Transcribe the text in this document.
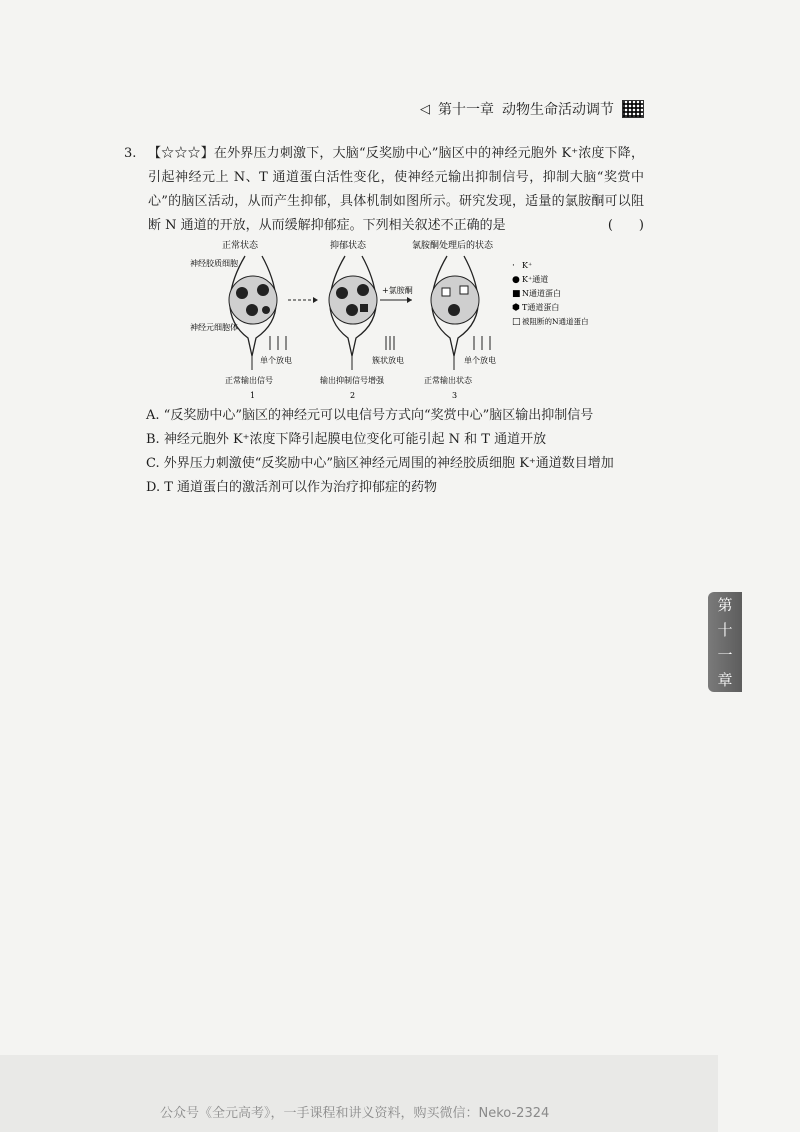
◁ 第十一章 动物生命活动调节
3. 【☆☆☆】在外界压力刺激下，大脑“反奖励中心”脑区中的神经元胞外 K⁺浓度下降，引起神经元上 N、T 通道蛋白活性变化，使神经元输出抑制信号，抑制大脑“奖赏中心”的脑区活动，从而产生抑郁，具体机制如图所示。研究发现，适量的氯胺酮可以阻断 N 通道的开放，从而缓解抑郁症。下列相关叙述不正确的是	(　　)
正常状态
神经胶质细胞
神经元细胞体
单个放电
正常输出信号
1
抑郁状态
簇状放电
输出抑制信号增强
2
+氯胺酮
氯胺酮处理后的状态
单个放电
正常输出状态
3
· K⁺
● K⁺通道
■ N通道蛋白
⬢ T通道蛋白
□ 被阻断的N通道蛋白
A. “反奖励中心”脑区的神经元可以电信号方式向“奖赏中心”脑区输出抑制信号
B. 神经元胞外 K⁺浓度下降引起膜电位变化可能引起 N 和 T 通道开放
C. 外界压力刺激使“反奖励中心”脑区神经元周围的神经胶质细胞 K⁺通道数目增加
D. T 通道蛋白的激活剂可以作为治疗抑郁症的药物
第
十
一
章
公众号《全元高考》，一手课程和讲义资料，购买微信：Neko-2324
